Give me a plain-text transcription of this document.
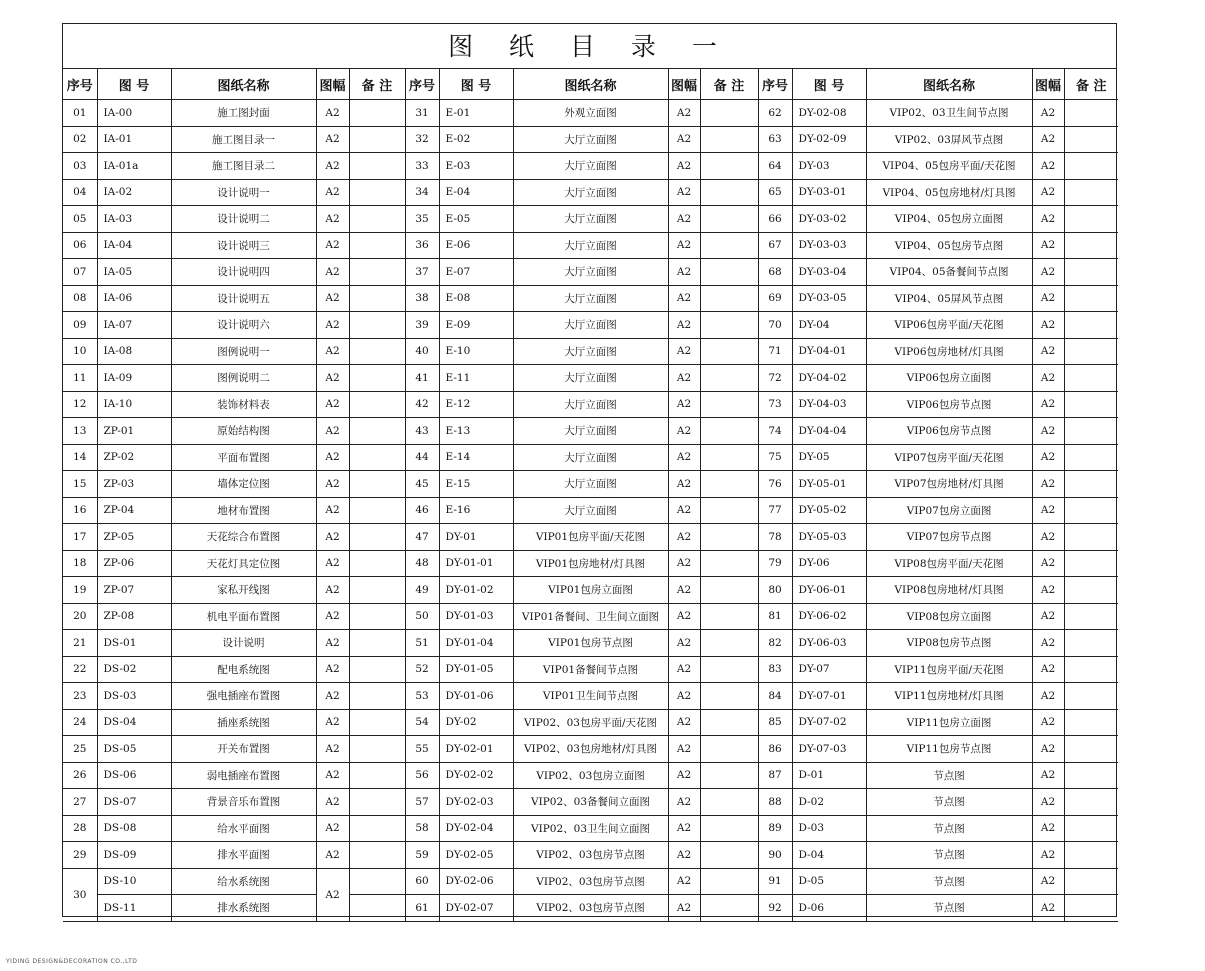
图 纸 目 录 一
序号	图 号	图纸名称	图幅	备 注	序号	图 号	图纸名称	图幅	备 注	序号	图 号	图纸名称	图幅	备 注
01	IA-00	施工图封面	A2		31	E-01	外观立面图	A2		62	DY-02-08	VIP02、03卫生间节点图	A2	
02	IA-01	施工图目录一	A2		32	E-02	大厅立面图	A2		63	DY-02-09	VIP02、03屏风节点图	A2	
03	IA-01a	施工图目录二	A2		33	E-03	大厅立面图	A2		64	DY-03	VIP04、05包房平面/天花图	A2	
04	IA-02	设计说明一	A2		34	E-04	大厅立面图	A2		65	DY-03-01	VIP04、05包房地材/灯具图	A2	
05	IA-03	设计说明二	A2		35	E-05	大厅立面图	A2		66	DY-03-02	VIP04、05包房立面图	A2	
06	IA-04	设计说明三	A2		36	E-06	大厅立面图	A2		67	DY-03-03	VIP04、05包房节点图	A2	
07	IA-05	设计说明四	A2		37	E-07	大厅立面图	A2		68	DY-03-04	VIP04、05备餐间节点图	A2	
08	IA-06	设计说明五	A2		38	E-08	大厅立面图	A2		69	DY-03-05	VIP04、05屏风节点图	A2	
09	IA-07	设计说明六	A2		39	E-09	大厅立面图	A2		70	DY-04	VIP06包房平面/天花图	A2	
10	IA-08	图例说明一	A2		40	E-10	大厅立面图	A2		71	DY-04-01	VIP06包房地材/灯具图	A2	
11	IA-09	图例说明二	A2		41	E-11	大厅立面图	A2		72	DY-04-02	VIP06包房立面图	A2	
12	IA-10	装饰材料表	A2		42	E-12	大厅立面图	A2		73	DY-04-03	VIP06包房节点图	A2	
13	ZP-01	原始结构图	A2		43	E-13	大厅立面图	A2		74	DY-04-04	VIP06包房节点图	A2	
14	ZP-02	平面布置图	A2		44	E-14	大厅立面图	A2		75	DY-05	VIP07包房平面/天花图	A2	
15	ZP-03	墙体定位图	A2		45	E-15	大厅立面图	A2		76	DY-05-01	VIP07包房地材/灯具图	A2	
16	ZP-04	地材布置图	A2		46	E-16	大厅立面图	A2		77	DY-05-02	VIP07包房立面图	A2	
17	ZP-05	天花综合布置图	A2		47	DY-01	VIP01包房平面/天花图	A2		78	DY-05-03	VIP07包房节点图	A2	
18	ZP-06	天花灯具定位图	A2		48	DY-01-01	VIP01包房地材/灯具图	A2		79	DY-06	VIP08包房平面/天花图	A2	
19	ZP-07	家私开线图	A2		49	DY-01-02	VIP01包房立面图	A2		80	DY-06-01	VIP08包房地材/灯具图	A2	
20	ZP-08	机电平面布置图	A2		50	DY-01-03	VIP01备餐间、卫生间立面图	A2		81	DY-06-02	VIP08包房立面图	A2	
21	DS-01	设计说明	A2		51	DY-01-04	VIP01包房节点图	A2		82	DY-06-03	VIP08包房节点图	A2	
22	DS-02	配电系统图	A2		52	DY-01-05	VIP01备餐间节点图	A2		83	DY-07	VIP11包房平面/天花图	A2	
23	DS-03	强电插座布置图	A2		53	DY-01-06	VIP01卫生间节点图	A2		84	DY-07-01	VIP11包房地材/灯具图	A2	
24	DS-04	插座系统图	A2		54	DY-02	VIP02、03包房平面/天花图	A2		85	DY-07-02	VIP11包房立面图	A2	
25	DS-05	开关布置图	A2		55	DY-02-01	VIP02、03包房地材/灯具图	A2		86	DY-07-03	VIP11包房节点图	A2	
26	DS-06	弱电插座布置图	A2		56	DY-02-02	VIP02、03包房立面图	A2		87	D-01	节点图	A2	
27	DS-07	背景音乐布置图	A2		57	DY-02-03	VIP02、03备餐间立面图	A2		88	D-02	节点图	A2	
28	DS-08	给水平面图	A2		58	DY-02-04	VIP02、03卫生间立面图	A2		89	D-03	节点图	A2	
29	DS-09	排水平面图	A2		59	DY-02-05	VIP02、03包房节点图	A2		90	D-04	节点图	A2	
30	DS-10	给水系统图	A2		60	DY-02-06	VIP02、03包房节点图	A2		91	D-05	节点图	A2	
	DS-11	排水系统图			61	DY-02-07	VIP02、03包房节点图	A2		92	D-06	节点图	A2	
YIDING DESIGN&DECORATION CO.,LTD
